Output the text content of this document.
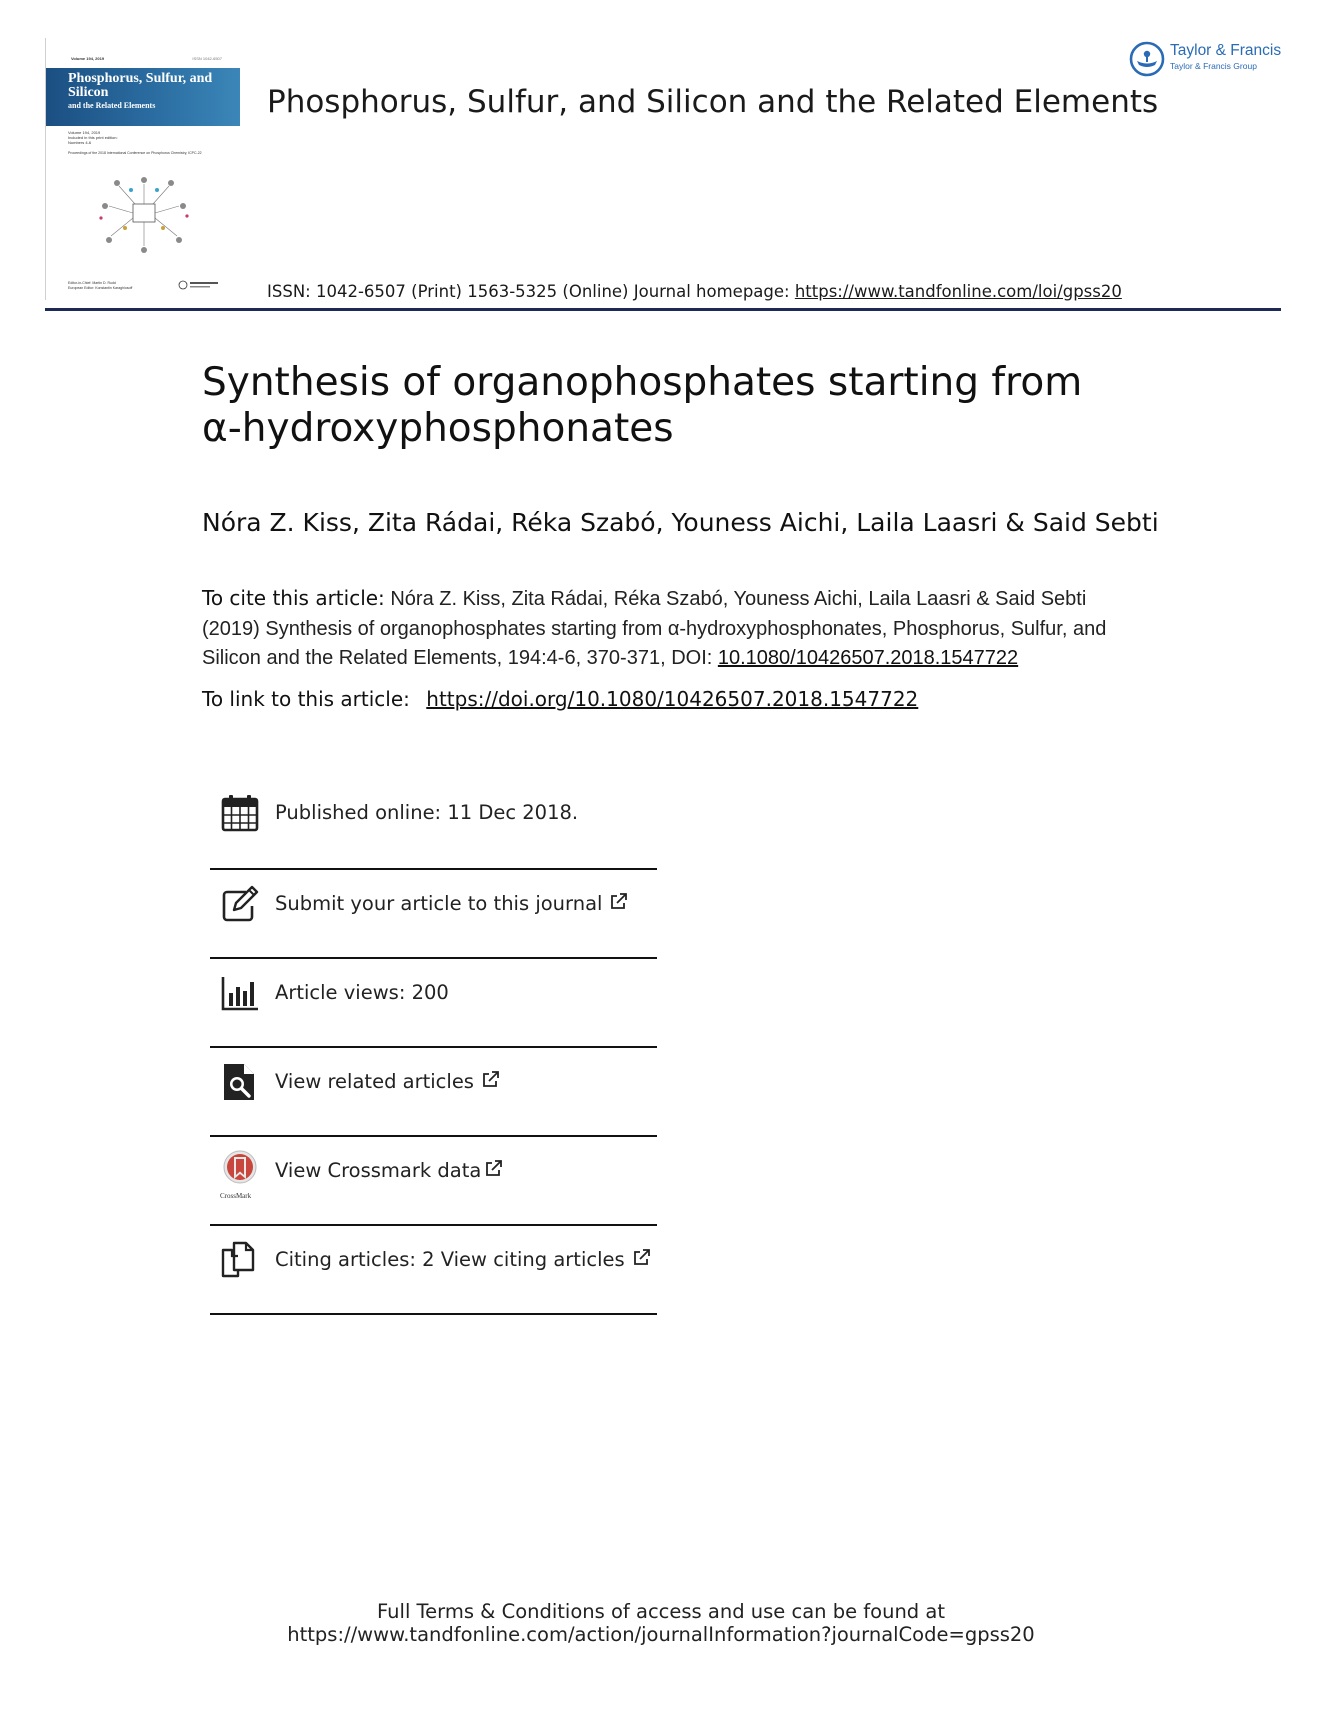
Volume 194, 2019	ISSN 1042-6507
Phosphorus, Sulfur, and Silicon
and the Related Elements
Volume 194, 2019
Included in this print edition:
Numbers 4-6
Proceedings of the 2018 International Conference on Phosphorus Chemistry, ICPC-22
Editor-in-Chief: Martin D. Rudd
European Editor: Konstantin Karaghiosoff
Phosphorus, Sulfur, and Silicon and the Related Elements
ISSN: 1042-6507 (Print) 1563-5325 (Online) Journal homepage: https://www.tandfonline.com/loi/gpss20
Taylor & Francis
Taylor & Francis Group
Synthesis of organophosphates starting from α-hydroxyphosphonates
Nóra Z. Kiss, Zita Rádai, Réka Szabó, Youness Aichi, Laila Laasri & Said Sebti
To cite this article: Nóra Z. Kiss, Zita Rádai, Réka Szabó, Youness Aichi, Laila Laasri & Said Sebti (2019) Synthesis of organophosphates starting from α-hydroxyphosphonates, Phosphorus, Sulfur, and Silicon and the Related Elements, 194:4-6, 370-371, DOI: 10.1080/10426507.2018.1547722
To link to this article: https://doi.org/10.1080/10426507.2018.1547722
Published online: 11 Dec 2018.
Submit your article to this journal
Article views: 200
View related articles
CrossMark
View Crossmark data
Citing articles: 2 View citing articles
Full Terms & Conditions of access and use can be found at
https://www.tandfonline.com/action/journalInformation?journalCode=gpss20
